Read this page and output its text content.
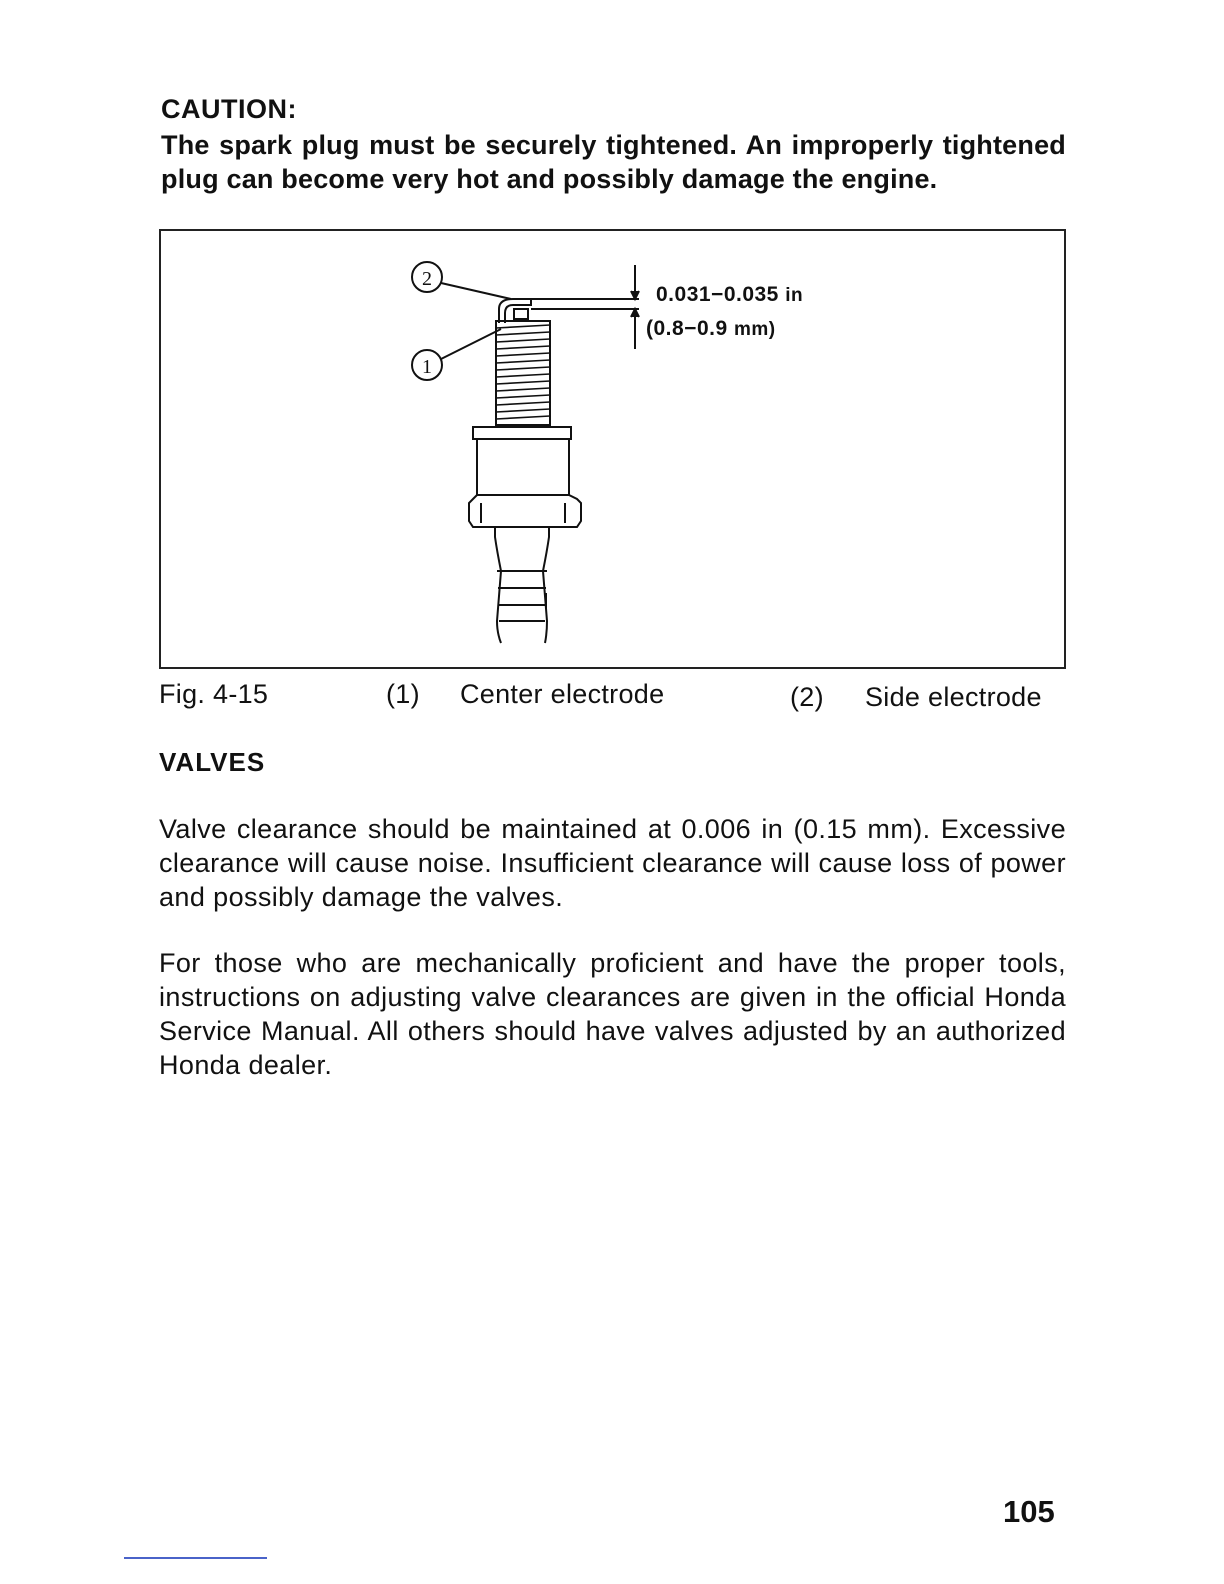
CAUTION:
The spark plug must be securely tightened. An improperly tightened plug can become very hot and possibly damage the engine.
2
1
0.031−0.035 in
(0.8−0.9 mm)
Fig. 4-15	(1) Center electrode	(2) Side electrode
VALVES
Valve clearance should be maintained at 0.006 in (0.15 mm). Excessive clearance will cause noise. Insufficient clearance will cause loss of power and possibly damage the valves.
For those who are mechanically proficient and have the proper tools, instructions on adjusting valve clearances are given in the official Honda Service Manual. All others should have valves adjusted by an authorized Honda dealer.
105
